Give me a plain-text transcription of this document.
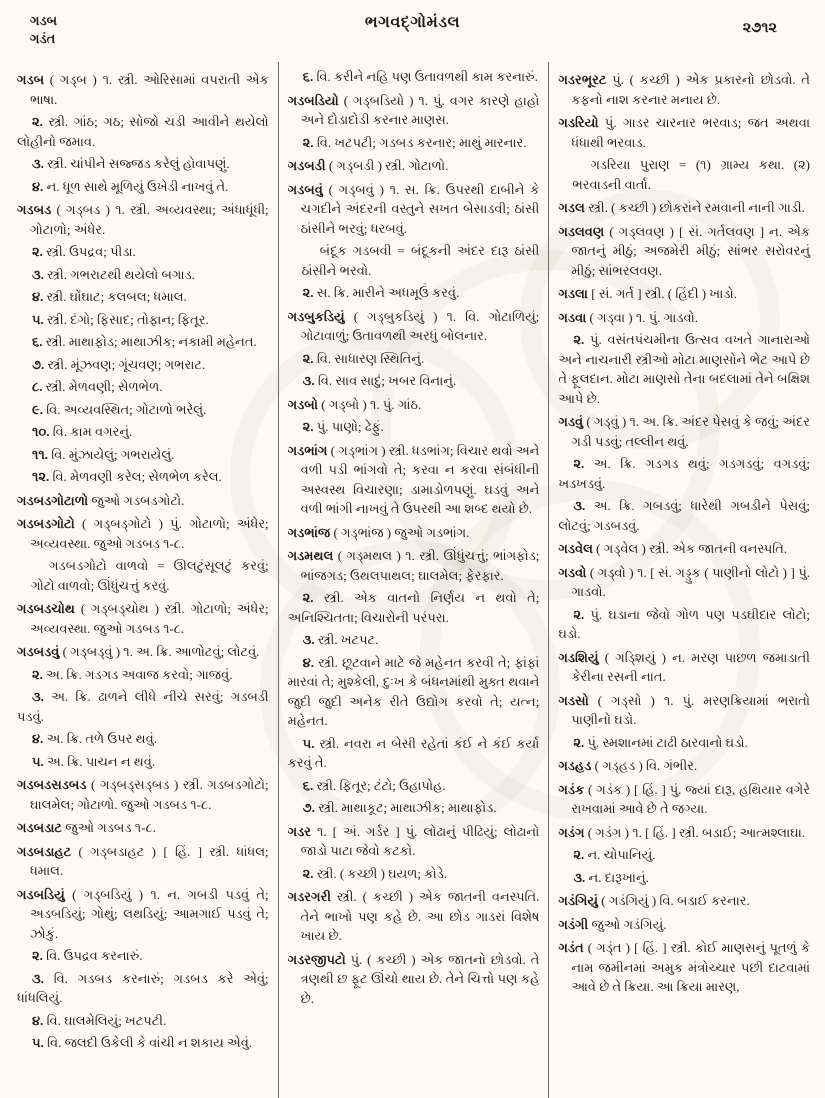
ગડબ
ગડંત
ભગવદ્ગોમંડલ	૨૭૧૨

ગડબ ( ગડ્બ ) ૧. સ્ત્રી. ઓરિસામાં વપરાતી એક ભાષા.

૨. સ્ત્રી. ગાંઠ; ગઠ; સોજો ચડી આવીને થયેલો લોહીનો જમાવ.

૩. સ્ત્રી. ચાંપીને સજ્જડ કરેલું હોવાપણું.

૪. ન. ધૂળ સાથે મૂળિયું ઉખેડી નાખવું તે.

ગડબડ ( ગડ્બડ ) ૧. સ્ત્રી. અવ્યવસ્થા; અંધાધૂંધી; ગોટાળો; અંધેર.

૨. સ્ત્રી. ઉપદ્રવ; પીડા.

૩. સ્ત્રી. ગભરાટથી થયેલો બગાડ.

૪. સ્ત્રી. ઘોંઘાટ; કલબલ; ધમાલ.

૫. સ્ત્રી. દંગો; ફિસાદ; તોફાન; ફિતૂર.

૬. સ્ત્રી. માથાફોડ; માથાઝીક; નકામી મહેનત.

૭. સ્ત્રી. મૂંઝવણ; ગૂંચવણ; ગભરાટ.

૮. સ્ત્રી. મેળવણી; સેળભેળ.

૯. વિ. અવ્યવસ્થિત; ગોટાળો ભરેલું.

૧૦. વિ. કામ વગરનું.

૧૧. વિ. મુંઝાયેલું; ગભરાયેલું.

૧૨. વિ. મેળવણી કરેલ; સેળભેળ કરેલ.

ગડબડગોટાળો જુઓ ગડબડગોટો.

ગડબડગોટો ( ગડ્બડ્ગોટો ) પું. ગોટાળો; અંધેર; અવ્યવસ્થા. જુઓ ગડબડ ૧-૮.

ગડબડગોટો વાળવો = ઊલટુંસૂલટું કરવું; ગોટો વાળવો; ઊંધુંચત્તું કરવું.

ગડબડચોથ ( ગડ્બડ્ચોથ ) સ્ત્રી. ગોટાળો; અંધેર; અવ્યવસ્થા. જુઓ ગડબડ ૧-૮.

ગડબડવું ( ગડ્બડ્વું ) ૧. અ. ક્રિ. આળોટવું; લોટવું.

૨. અ. ક્રિ. ગડગડ અવાજ કરવો; ગાજવું.

૩. અ. ક્રિ. ઢાળને લીધે નીચે સરવું; ગડબડી પડવું.

૪. અ. ક્રિ. તળે ઉપર થવું.

૫. અ. ક્રિ. પાચન ન થવું.

ગડબડસડબડ ( ગડ્બડ્સડ્બડ ) સ્ત્રી. ગડબડગોટો; ઘાલમેલ; ગોટાળો. જુઓ ગડબડ ૧-૮.

ગડબડાટ જુઓ ગડબડ ૧-૮.

ગડબડાહટ ( ગડ્બડાહટ ) [ હિં. ] સ્ત્રી. ધાંધલ; ધમાલ.

ગડબડિયું ( ગડ્બડિયું ) ૧. ન. ગબડી પડવું તે; અડબડિયું; ગોથું; લથડિયું; આમગાઈ પડવું તે; ઝોકું.

૨. વિ. ઉપદ્રવ કરનારું.

૩. વિ. ગડબડ કરનારું; ગડબડ કરે એવું; ધાંધલિયું.

૪. વિ. ઘાલમેલિયું; ખટપટી.

૫. વિ. જલદી ઉકેલી કે વાંચી ન શકાય એવું.

૬. વિ. કરીને નહિ પણ ઉતાવળથી કામ કરનારું.

ગડબડિયો ( ગડ્બડિયો ) ૧. પું. વગર કારણે હાહો અને દોડાદોડી કરનાર માણસ.

૨. વિ. ખટપટી; ગડબડ કરનાર; માથું મારનાર.

ગડબડી ( ગડ્બડી ) સ્ત્રી. ગોટાળો.

ગડબવું ( ગડ્બવું ) ૧. સ. ક્રિ. ઉપરથી દાબીને કે ચગદીને અંદરની વસ્તુને સખત બેસાડવી; ઠાંસી ઠાંસીને ભરવું; ધરબવું.

બંદૂક ગડબવી = બંદૂકની અંદર દારૂ ઠાંસી ઠાંસીને ભરવો.

૨. સ. ક્રિ. મારીને અધમૂઉં કરવું.

ગડબુકડિયું ( ગડ્બુકડિયું ) ૧. વિ. ગોટાળિયું; ગોટાવાળું; ઉતાવળથી અરધું બોલનાર.

૨. વિ. સાધારણ સ્થિતિનું.

૩. વિ. સાવ સાદું; ખબર વિનાનું.

ગડબો ( ગડ્બો ) ૧. પું. ગાંઠ.

૨. પું. પાણો; ઢેફું.

ગડભાંગ ( ગડ્ભાંગ ) સ્ત્રી. ધડભાંગ; વિચાર થવો અને વળી પડી ભાંગવો તે; કરવા ન કરવા સંબંધીની અસ્વસ્થ વિચારણા; ડામાડોળપણું. ઘડવું અને વળી ભાંગી નાખવું તે ઉપરથી આ શબ્દ થયો છે.

ગડભાંજ ( ગડ્ભાંજ ) જુઓ ગડભાંગ.

ગડમથલ ( ગડ્મથલ ) ૧. સ્ત્રી. ઊંધુંચત્તું; ભાંગફોડ; ભાંજગડ; ઉથલપાથલ; ઘાલમેલ; ફેરફાર.

૨. સ્ત્રી. એક વાતનો નિર્ણય ન થવો તે; અનિશ્ચિતતા; વિચારોની પરંપરા.

૩. સ્ત્રી. ખટપટ.

૪. સ્ત્રી. છૂટવાને માટે જે મહેનત કરવી તે; ફાંફાં મારવાં તે; મુશ્કેલી, દુઃખ કે બંધનમાંથી મુક્ત થવાને જુદી જુદી અનેક રીતે ઉદ્યોગ કરવો તે; યત્ન; મહેનત.

૫. સ્ત્રી. નવરા ન બેસી રહેતાં કંઈ ને કંઈ કર્યા કરવું તે.

૬. સ્ત્રી. ફિતૂર; ટંટો; ઉહાપોહ.

૭. સ્ત્રી. માથાકૂટ; માથાઝીક; માથાફોડ.

ગડર ૧. [ અં. ગર્ડર ] પું. લોઢાનું પીઢિયું; લોઢાનો જાડો પાટા જેવો કટકો.

૨. સ્ત્રી. ( કચ્છી ) ઘયળ; કોડે.

ગડરગરી સ્ત્રી. ( કચ્છી ) એક જાતની વનસ્પતિ. તેને ભાખો પણ કહે છે. આ છોડ ગાડરાં વિશેષ ખાય છે.

ગડરજીપટો પું. ( કચ્છી ) એક જાતનો છોડવો. તે ત્રણથી છ ફૂટ ઊંચો થાય છે. તેને ચિત્તો પણ કહે છે.

ગડરભૂરટ પું. ( કચ્છી ) એક પ્રકારનો છોડવો. તે કફનો નાશ કરનાર મનાય છે.

ગડરિયો પું. ગાડર ચારનાર ભરવાડ; જત અથવા ધંધાથી ભરવાડ.

ગડરિયા પુરાણ = (૧) ગ્રામ્ય કથા. (૨) ભરવાડની વાર્તા.

ગડલ સ્ત્રી. ( કચ્છી ) છોકરાંને રમવાની નાની ગાડી.

ગડલવણ ( ગડ્લવણ ) [ સં. ગર્તલવણ ] ન. એક જાતનું મીઠું; અજમેરી મીઠું; સાંભર સરોવરનું મીઠું; સાંભરલવણ.

ગડલા [ સં. ગર્ત ] સ્ત્રી. ( હિંદી ) ખાડો.

ગડવા ( ગડ્વા ) ૧. પું. ગાડવો.

૨. પું. વસંતપંચમીના ઉત્સવ વખતે ગાનારાઓ અને નાચનારી સ્ત્રીઓ મોટા માણસોને ભેટ આપે છે તે ફૂલદાન. મોટા માણસો તેના બદલામાં તેને બક્ષિશ આપે છે.

ગડવું ( ગડ્વું ) ૧. અ. ક્રિ. અંદર પેસવું કે જવું; અંદર ગડી પડવું; તલ્લીન થવું.

૨. અ. ક્રિ. ગડગડ થવું; ગડગડવું; વગડવું; ખડખડવું.

૩. અ. ક્રિ. ગબડવું; ધારેથી ગબડીને પેસવું; લોટવું; ગડબડવું.

ગડવેલ ( ગડ્વેલ ) સ્ત્રી. એક જાતની વનસ્પતિ.

ગડવો ( ગડ્વો ) ૧. [ સં. ગડ્ડુક ( પાણીનો લોટો ) ] પું. ગાડવો.

૨. પું. ઘડાના જેવો ગોળ પણ પડઘીદાર લોટો; ઘડો.

ગડશિયું ( ગડ્શિયું ) ન. મરણ પાછળ જમાડાતી કેરીના રસની નાત.

ગડસો ( ગડ્સો ) ૧. પું. મરણક્રિયામાં ભરાતો પાણીનો ઘડો.

૨. પું. સ્મશાનમાં ટાઢી ઠારવાનો ઘડો.

ગડહડ ( ગડ્હડ ) વિ. ગંભીર.

ગડંક ( ગડંક ) [ હિં. ] પું. જ્યાં દારૂ, હથિયાર વગેરે રાખવામાં આવે છે તે જગ્યા.

ગડંગ ( ગડંગ ) ૧. [ હિં. ] સ્ત્રી. બડાઈ; આત્મશ્લાઘા.

૨. ન. ચોપાનિયું.

૩. ન. દારૂખાનું.

ગડંગિયું ( ગડંગિયું ) વિ. બડાઈ કરનાર.

ગડંગી જુઓ ગડંગિયું.

ગડંત ( ગડ્ંત ) [ હિં. ] સ્ત્રી. કોઈ માણસનું પૂતળું કે નામ જમીનમાં અમુક મંત્રોચ્ચાર પછી દાટવામાં આવે છે તે ક્રિયા. આ ક્રિયા મારણ,
